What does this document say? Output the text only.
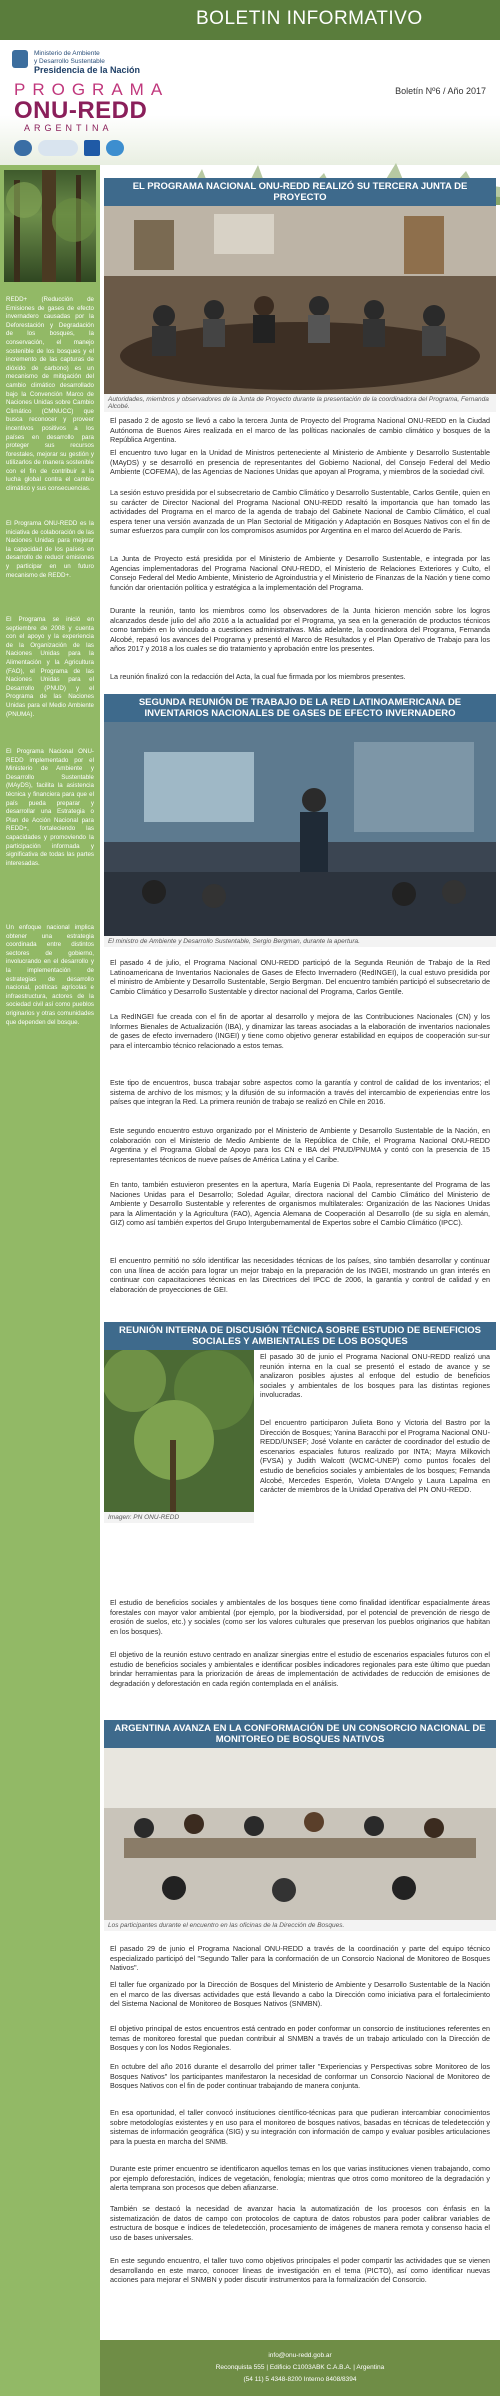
BOLETIN INFORMATIVO
Boletín Nº6 / Año 2017
Ministerio de Ambiente
y Desarrollo Sustentable
Presidencia de la Nación
PROGRAMA
ONU-REDD
ARGENTINA
REDD+ (Reducción de Emisiones de gases de efecto invernadero causadas por la Deforestación y Degradación de los bosques, la conservación, el manejo sostenible de los bosques y el incremento de las capturas de dióxido de carbono) es un mecanismo de mitigación del cambio climático desarrollado bajo la Convención Marco de Naciones Unidas sobre Cambio Climático (CMNUCC) que busca reconocer y proveer incentivos positivos a los países en desarrollo para proteger sus recursos forestales, mejorar su gestión y utilizarlos de manera sostenible con el fin de contribuir a la lucha global contra el cambio climático y sus consecuencias.
El Programa ONU-REDD es la iniciativa de colaboración de las Naciones Unidas para mejorar la capacidad de los países en desarrollo de reducir emisiones y participar en un futuro mecanismo de REDD+.
El Programa se inició en septiembre de 2008 y cuenta con el apoyo y la experiencia de la Organización de las Naciones Unidas para la Alimentación y la Agricultura (FAO), el Programa de las Naciones Unidas para el Desarrollo (PNUD) y el Programa de las Naciones Unidas para el Medio Ambiente (PNUMA).
El Programa Nacional ONU-REDD implementado por el Ministerio de Ambiente y Desarrollo Sustentable (MAyDS), facilita la asistencia técnica y financiera para que el país pueda preparar y desarrollar una Estrategia o Plan de Acción Nacional para REDD+, fortaleciendo las capacidades y promoviendo la participación informada y significativa de todas las partes interesadas.
Un enfoque nacional implica obtener una estrategia coordinada entre distintos sectores de gobierno, involucrando en el desarrollo y la implementación de estrategias de desarrollo nacional, políticas agrícolas e infraestructura, actores de la sociedad civil así como pueblos originarios y otras comunidades que dependen del bosque.
EL PROGRAMA NACIONAL ONU-REDD REALIZÓ SU TERCERA JUNTA DE PROYECTO
Autoridades, miembros y observadores de la Junta de Proyecto durante la presentación de la coordinadora del Programa, Fernanda Alcobé.
El pasado 2 de agosto se llevó a cabo la tercera Junta de Proyecto del Programa Nacional ONU-REDD en la Ciudad Autónoma de Buenos Aires realizada en el marco de las políticas nacionales de cambio climático y bosques de la República Argentina.
El encuentro tuvo lugar en la Unidad de Ministros perteneciente al Ministerio de Ambiente y Desarrollo Sustentable (MAyDS) y se desarrolló en presencia de representantes del Gobierno Nacional, del Consejo Federal del Medio Ambiente (COFEMA), de las Agencias de Naciones Unidas que apoyan al Programa, y miembros de la sociedad civil.
La sesión estuvo presidida por el subsecretario de Cambio Climático y Desarrollo Sustentable, Carlos Gentile, quien en su carácter de Director Nacional del Programa Nacional ONU-REDD resaltó la importancia que han tomado las actividades del Programa en el marco de la agenda de trabajo del Gabinete Nacional de Cambio Climático, el cual espera tener una versión avanzada de un Plan Sectorial de Mitigación y Adaptación en Bosques Nativos con el fin de sumar esfuerzos para cumplir con los compromisos asumidos por Argentina en el marco del Acuerdo de París.
La Junta de Proyecto está presidida por el Ministerio de Ambiente y Desarrollo Sustentable, e integrada por las Agencias implementadoras del Programa Nacional ONU-REDD, el Ministerio de Relaciones Exteriores y Culto, el Consejo Federal del Medio Ambiente, Ministerio de Agroindustria y el Ministerio de Finanzas de la Nación y tiene como función dar orientación política y estratégica a la implementación del Programa.
Durante la reunión, tanto los miembros como los observadores de la Junta hicieron mención sobre los logros alcanzados desde julio del año 2016 a la actualidad por el Programa, ya sea en la generación de productos técnicos como también en lo vinculado a cuestiones administrativas. Más adelante, la coordinadora del Programa, Fernanda Alcobé, repasó los avances del Programa y presentó el Marco de Resultados y el Plan Operativo de Trabajo para los años 2017 y 2018 a los cuales se dio tratamiento y aprobación entre los presentes.
La reunión finalizó con la redacción del Acta, la cual fue firmada por los miembros presentes.
SEGUNDA REUNIÓN DE TRABAJO DE LA RED LATINOAMERICANA DE INVENTARIOS NACIONALES DE GASES DE EFECTO INVERNADERO
El ministro de Ambiente y Desarrollo Sustentable, Sergio Bergman, durante la apertura.
El pasado 4 de julio, el Programa Nacional ONU-REDD participó de la Segunda Reunión de Trabajo de la Red Latinoamericana de Inventarios Nacionales de Gases de Efecto Invernadero (RedINGEI), la cual estuvo presidida por el ministro de Ambiente y Desarrollo Sustentable, Sergio Bergman. Del encuentro también participó el subsecretario de Cambio Climático y Desarrollo Sustentable y director nacional del Programa, Carlos Gentile.
La RedINGEI fue creada con el fin de aportar al desarrollo y mejora de las Contribuciones Nacionales (CN) y los Informes Bienales de Actualización (IBA), y dinamizar las tareas asociadas a la elaboración de inventarios nacionales de gases de efecto invernadero (INGEI) y tiene como objetivo generar estabilidad en equipos de cooperación sur-sur para el intercambio técnico relacionado a estos temas.
Este tipo de encuentros, busca trabajar sobre aspectos como la garantía y control de calidad de los inventarios; el sistema de archivo de los mismos; y la difusión de su información a través del intercambio de experiencias entre los países que integran la Red. La primera reunión de trabajo se realizó en Chile en 2016.
Este segundo encuentro estuvo organizado por el Ministerio de Ambiente y Desarrollo Sustentable de la Nación, en colaboración con el Ministerio de Medio Ambiente de la República de Chile, el Programa Nacional ONU-REDD Argentina y el Programa Global de Apoyo para los CN e IBA del PNUD/PNUMA y contó con la presencia de 15 representantes técnicos de nueve países de América Latina y el Caribe.
En tanto, también estuvieron presentes en la apertura, María Eugenia Di Paola, representante del Programa de las Naciones Unidas para el Desarrollo; Soledad Aguilar, directora nacional del Cambio Climático del Ministerio de Ambiente y Desarrollo Sustentable y referentes de organismos multilaterales: Organización de las Naciones Unidas para la Alimentación y la Agricultura (FAO), Agencia Alemana de Cooperación al Desarrollo (de su sigla en alemán, GIZ) como así también expertos del Grupo Intergubernamental de Expertos sobre el Cambio Climático (IPCC).
El encuentro permitió no sólo identificar las necesidades técnicas de los países, sino también desarrollar y continuar con una línea de acción para lograr un mejor trabajo en la preparación de los INGEI, mostrando un gran interés en continuar con capacitaciones técnicas en las Directrices del IPCC de 2006, la garantía y control de calidad y en elaboración de proyecciones de GEI.
REUNIÓN INTERNA DE DISCUSIÓN TÉCNICA SOBRE ESTUDIO DE BENEFICIOS SOCIALES Y AMBIENTALES DE LOS BOSQUES
Imagen: PN ONU-REDD
El pasado 30 de junio el Programa Nacional ONU-REDD realizó una reunión interna en la cual se presentó el estado de avance y se analizaron posibles ajustes al enfoque del estudio de beneficios sociales y ambientales de los bosques para las distintas regiones involucradas.
Del encuentro participaron Julieta Bono y Victoria del Bastro por la Dirección de Bosques; Yanina Baracchi por el Programa Nacional ONU-REDD/UNSEF; José Volante en carácter de coordinador del estudio de escenarios espaciales futuros realizado por INTA; Mayra Milkovich (FVSA) y Judith Walcott (WCMC-UNEP) como puntos focales del estudio de beneficios sociales y ambientales de los bosques; Fernanda Alcobé, Mercedes Esperón, Violeta D'Angelo y Laura Lapalma en carácter de miembros de la Unidad Operativa del PN ONU-REDD.
El estudio de beneficios sociales y ambientales de los bosques tiene como finalidad identificar espacialmente áreas forestales con mayor valor ambiental (por ejemplo, por la biodiversidad, por el potencial de prevención de riesgo de erosión de suelos, etc.) y sociales (como ser los valores culturales que preservan los pueblos originarios que habitan en los bosques).
El objetivo de la reunión estuvo centrado en analizar sinergias entre el estudio de escenarios espaciales futuros con el estudio de beneficios sociales y ambientales e identificar posibles indicadores regionales para este último que puedan brindar herramientas para la priorización de áreas de implementación de actividades de reducción de emisiones de degradación y deforestación en cada región contemplada en el análisis.
ARGENTINA AVANZA EN LA CONFORMACIÓN DE UN CONSORCIO NACIONAL DE MONITOREO DE BOSQUES NATIVOS
Los participantes durante el encuentro en las oficinas de la Dirección de Bosques.
El pasado 29 de junio el Programa Nacional ONU-REDD a través de la coordinación y parte del equipo técnico especializado participó del "Segundo Taller para la conformación de un Consorcio Nacional de Monitoreo de Bosques Nativos".
El taller fue organizado por la Dirección de Bosques del Ministerio de Ambiente y Desarrollo Sustentable de la Nación en el marco de las diversas actividades que está llevando a cabo la Dirección como iniciativa para el fortalecimiento del Sistema Nacional de Monitoreo de Bosques Nativos (SNMBN).
El objetivo principal de estos encuentros está centrado en poder conformar un consorcio de instituciones referentes en temas de monitoreo forestal que puedan contribuir al SNMBN a través de un trabajo articulado con la Dirección de Bosques y con los Nodos Regionales.
En octubre del año 2016 durante el desarrollo del primer taller "Experiencias y Perspectivas sobre Monitoreo de los Bosques Nativos" los participantes manifestaron la necesidad de conformar un Consorcio Nacional de Monitoreo de Bosques Nativos con el fin de poder continuar trabajando de manera conjunta.
En esa oportunidad, el taller convocó instituciones científico-técnicas para que pudieran intercambiar conocimientos sobre metodologías existentes y en uso para el monitoreo de bosques nativos, basadas en técnicas de teledetección y sistemas de información geográfica (SIG) y su integración con información de campo y evaluar posibles articulaciones para la puesta en marcha del SNMB.
Durante este primer encuentro se identificaron aquellos temas en los que varias instituciones vienen trabajando, como por ejemplo deforestación, índices de vegetación, fenología; mientras que otros como monitoreo de la degradación y alerta temprana son procesos que deben afianzarse.
También se destacó la necesidad de avanzar hacia la automatización de los procesos con énfasis en la sistematización de datos de campo con protocolos de captura de datos robustos para poder calibrar variables de estructura de bosque e índices de teledetección, procesamiento de imágenes de manera remota y consenso hacia el uso de bases universales.
En este segundo encuentro, el taller tuvo como objetivos principales el poder compartir las actividades que se vienen desarrollando en este marco, conocer líneas de investigación en el tema (PICTO), así como identificar nuevas acciones para mejorar el SNMBN y poder discutir instrumentos para la formalización del Consorcio.
info@onu-redd.gob.ar
Reconquista 555 | Edificio C1003ABK C.A.B.A. | Argentina
(54 11) 5 4348-8200 Interno 8408/8394
